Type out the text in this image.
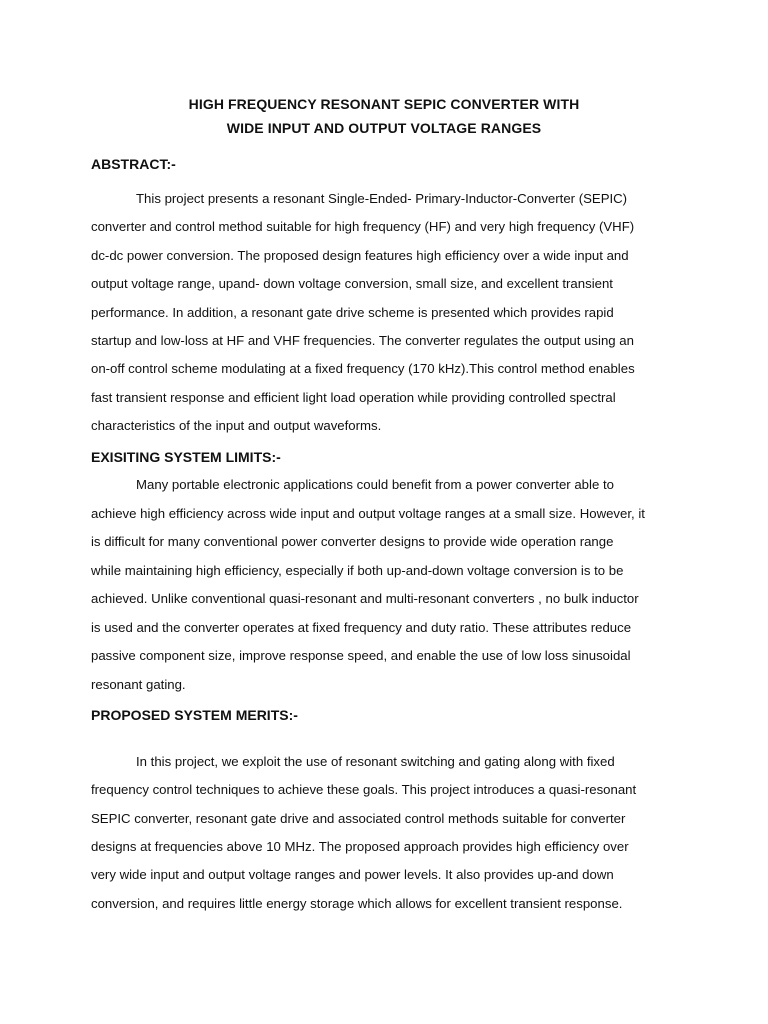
HIGH FREQUENCY RESONANT SEPIC CONVERTER WITH
WIDE INPUT AND OUTPUT VOLTAGE RANGES
ABSTRACT:-
This project presents a resonant Single-Ended- Primary-Inductor-Converter (SEPIC)
converter and control method suitable for high frequency (HF) and very high frequency (VHF)
dc-dc power conversion. The proposed design features high efficiency over a wide input and
output voltage range, upand- down voltage conversion, small size, and excellent transient
performance. In addition, a resonant gate drive scheme is presented which provides rapid
startup and low-loss at HF and VHF frequencies. The converter regulates the output using an
on-off control scheme modulating at a fixed frequency (170 kHz).This control method enables
fast transient response and efficient light load operation while providing controlled spectral
characteristics of the input and output waveforms.
EXISITING SYSTEM LIMITS:-
Many portable electronic applications could benefit from a power converter able to
achieve high efficiency across wide input and output voltage ranges at a small size. However, it
is difficult for many conventional power converter designs to provide wide operation range
while maintaining high efficiency, especially if both up-and-down voltage conversion is to be
achieved. Unlike conventional quasi-resonant and multi-resonant converters , no bulk inductor
is used and the converter operates at fixed frequency and duty ratio. These attributes reduce
passive component size, improve response speed, and enable the use of low loss sinusoidal
resonant gating.
PROPOSED SYSTEM MERITS:-
In this project, we exploit the use of resonant switching and gating along with fixed
frequency control techniques to achieve these goals. This project introduces a quasi-resonant
SEPIC converter, resonant gate drive and associated control methods suitable for converter
designs at frequencies above 10 MHz. The proposed approach provides high efficiency over
very wide input and output voltage ranges and power levels. It also provides up-and down
conversion, and requires little energy storage which allows for excellent transient response.
